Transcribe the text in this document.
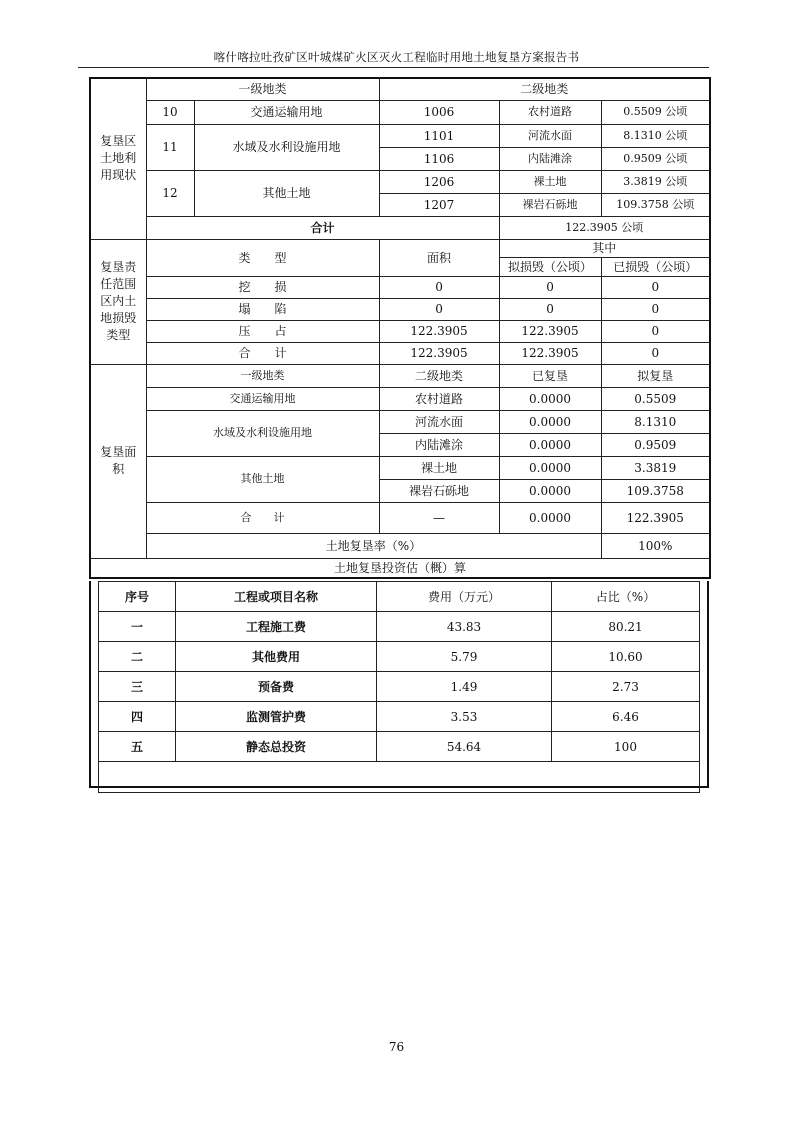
喀什喀拉吐孜矿区叶城煤矿火区灭火工程临时用地土地复垦方案报告书
复垦区土地利用现状	一级地类		二级地类		
	10	交通运输用地	1006	农村道路	0.5509 公顷
	11	水域及水利设施用地	1101	河流水面	8.1310 公顷
			1106	内陆滩涂	0.9509 公顷
	12	其他土地	1206	裸土地	3.3819 公顷
			1207	裸岩石砾地	109.3758 公顷
	合计			122.3905 公顷	
复垦责任范围区内土地损毁类型	类　　型		面积	其中	
				拟损毁（公顷）	已损毁（公顷）
	挖　　损		0	0	0
	塌　　陷		0	0	0
	压　　占		122.3905	122.3905	0
	合　　计		122.3905	122.3905	0
复垦面积	一级地类		二级地类	已复垦	拟复垦
	交通运输用地		农村道路	0.0000	0.5509
	水域及水利设施用地		河流水面	0.0000	8.1310
			内陆滩涂	0.0000	0.9509
	其他土地		裸土地	0.0000	3.3819
			裸岩石砾地	0.0000	109.3758
	合　　计		—	0.0000	122.3905
	土地复垦率（%）				100%
土地复垦投资估（概）算					
序号	工程或项目名称	费用（万元）	占比（%）
一	工程施工费	43.83	80.21
二	其他费用	5.79	10.60
三	预备费	1.49	2.73
四	监测管护费	3.53	6.46
五	静态总投资	54.64	100

76
